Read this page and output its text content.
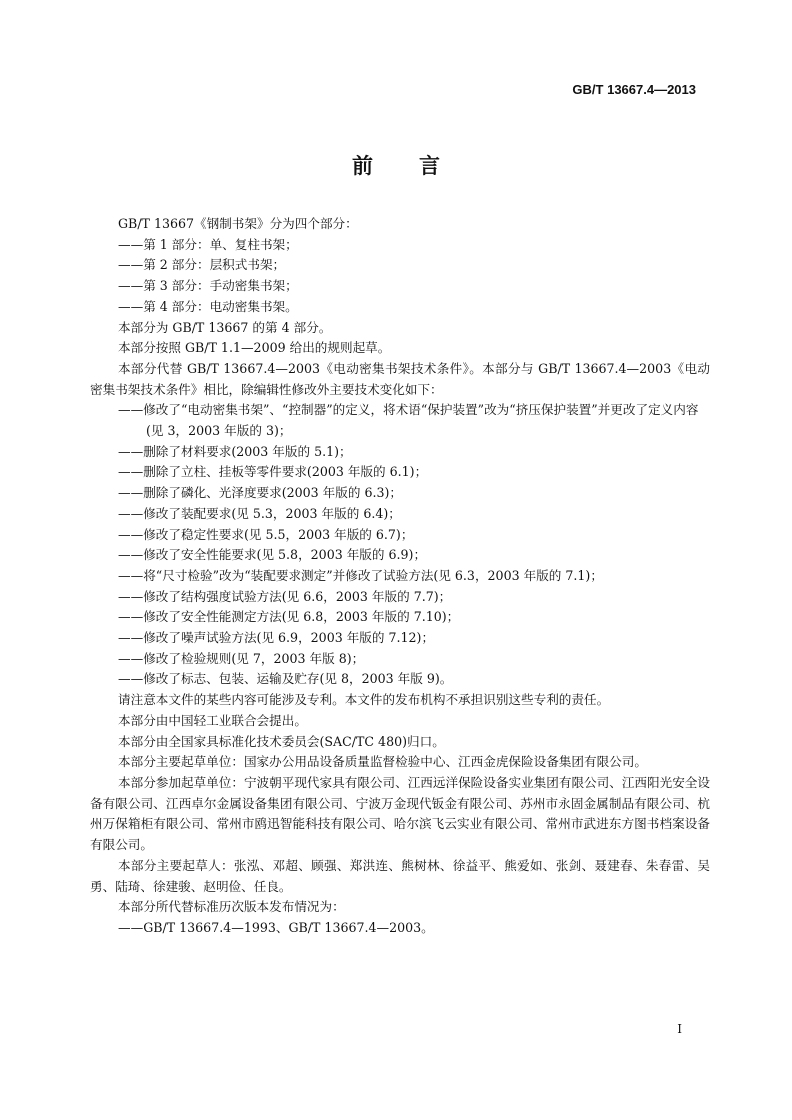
GB/T 13667.4—2013
前言

GB/T 13667《钢制书架》分为四个部分：

——第 1 部分：单、复柱书架；

——第 2 部分：层积式书架；

——第 3 部分：手动密集书架；

——第 4 部分：电动密集书架。

本部分为 GB/T 13667 的第 4 部分。

本部分按照 GB/T 1.1—2009 给出的规则起草。

本部分代替 GB/T 13667.4—2003《电动密集书架技术条件》。本部分与 GB/T 13667.4—2003《电动密集书架技术条件》相比，除编辑性修改外主要技术变化如下：

——修改了“电动密集书架”、“控制器”的定义，将术语“保护装置”改为“挤压保护装置”并更改了定义内容(见 3，2003 年版的 3)；

——删除了材料要求(2003 年版的 5.1)；

——删除了立柱、挂板等零件要求(2003 年版的 6.1)；

——删除了磷化、光泽度要求(2003 年版的 6.3)；

——修改了装配要求(见 5.3，2003 年版的 6.4)；

——修改了稳定性要求(见 5.5，2003 年版的 6.7)；

——修改了安全性能要求(见 5.8，2003 年版的 6.9)；

——将“尺寸检验”改为“装配要求测定”并修改了试验方法(见 6.3，2003 年版的 7.1)；

——修改了结构强度试验方法(见 6.6，2003 年版的 7.7)；

——修改了安全性能测定方法(见 6.8，2003 年版的 7.10)；

——修改了噪声试验方法(见 6.9，2003 年版的 7.12)；

——修改了检验规则(见 7，2003 年版 8)；

——修改了标志、包装、运输及贮存(见 8，2003 年版 9)。

请注意本文件的某些内容可能涉及专利。本文件的发布机构不承担识别这些专利的责任。

本部分由中国轻工业联合会提出。

本部分由全国家具标准化技术委员会(SAC/TC 480)归口。

本部分主要起草单位：国家办公用品设备质量监督检验中心、江西金虎保险设备集团有限公司。

本部分参加起草单位：宁波朝平现代家具有限公司、江西远洋保险设备实业集团有限公司、江西阳光安全设备有限公司、江西卓尔金属设备集团有限公司、宁波万金现代钣金有限公司、苏州市永固金属制品有限公司、杭州万保箱柜有限公司、常州市鸥迅智能科技有限公司、哈尔滨飞云实业有限公司、常州市武进东方图书档案设备有限公司。

本部分主要起草人：张泓、邓超、顾强、郑洪连、熊树林、徐益平、熊爱如、张剑、聂建春、朱春雷、吴勇、陆琦、徐建骏、赵明俭、任良。

本部分所代替标准历次版本发布情况为：

——GB/T 13667.4—1993、GB/T 13667.4—2003。

I
